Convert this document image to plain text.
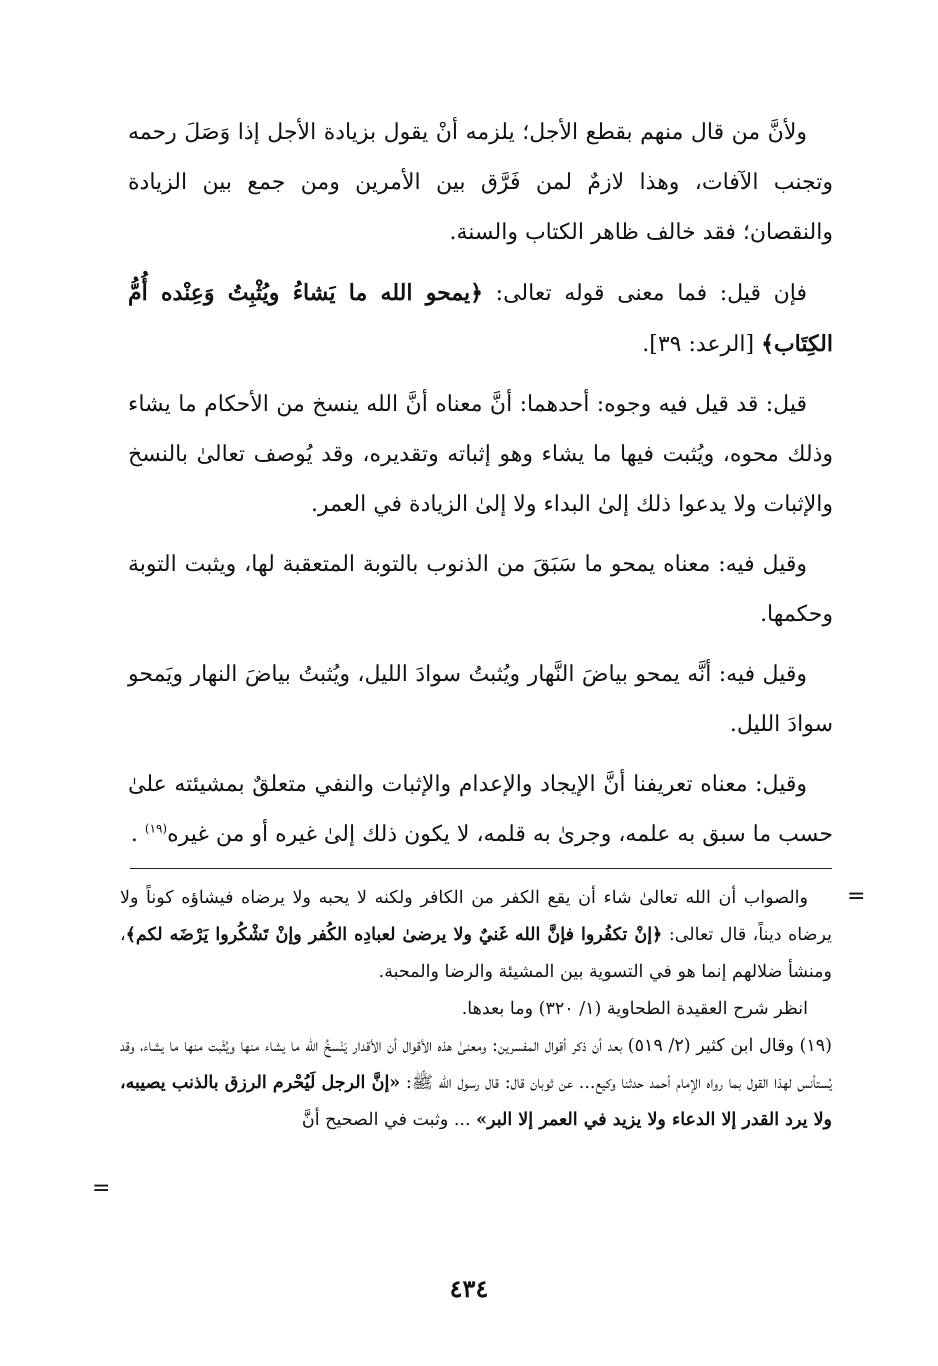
ولأنَّ من قال منهم بقطع الأجل؛ يلزمه أنْ يقول بزيادة الأجل إذا وَصَلَ رحمه وتجنب الآفات، وهذا لازمٌ لمن فَرَّق بين الأمرين ومن جمع بين الزيادة والنقصان؛ فقد خالف ظاهر الكتاب والسنة.

فإن قيل: فما معنى قوله تعالى: ﴿يمحو الله ما يَشاءُ ويُثْبِتُ وَعِنْده أُمُّ الكِتَاب﴾ [الرعد: ٣٩].

قيل: قد قيل فيه وجوه: أحدهما: أنَّ معناه أنَّ الله ينسخ من الأحكام ما يشاء وذلك محوه، ويُثبت فيها ما يشاء وهو إثباته وتقديره، وقد يُوصف تعالىٰ بالنسخ والإثبات ولا يدعوا ذلك إلىٰ البداء ولا إلىٰ الزيادة في العمر.

وقيل فيه: معناه يمحو ما سَبَقَ من الذنوب بالتوبة المتعقبة لها، ويثبت التوبة وحكمها.

وقيل فيه: أنَّه يمحو بياضَ النَّهار ويُثبتُ سوادَ الليل، ويُثبتُ بياضَ النهار ويَمحو سوادَ الليل.

وقيل: معناه تعريفنا أنَّ الإيجاد والإعدام والإثبات والنفي متعلقٌ بمشيئته علىٰ حسب ما سبق به علمه، وجرىٰ به قلمه، لا يكون ذلك إلىٰ غيره أو من غيره$^{(١٩)}$ .

=

والصواب أن الله تعالىٰ شاء أن يقع الكفر من الكافر ولكنه لا يحبه ولا يرضاه فيشاؤه كوناً ولا يرضاه ديناً، قال تعالى: ﴿إنْ تكفُروا فإنَّ الله غَنيٌ ولا يرضىٰ لعبادِه الكُفر وإنْ تَشْكُروا يَرْضَه لكم﴾، ومنشأ ضلالهم إنما هو في التسوية بين المشيئة والرضا والمحبة.

انظر شرح العقيدة الطحاوية (١/ ٣٢٠) وما بعدها.

(١٩) وقال ابن كثير (٢/ ٥١٩) بعد أن ذكر أقوال المفسرين: ومعنىٰ هذه الأقوال أن الأقدار يَنْسخُ الله ما يشاء منها ويُثْبت منها ما يشاء، وقد يُستأنس لهذا القول بما رواه الإمام أحمد حدثنا وكيع... عن ثوبان قال: قال رسول الله ﷺ: «إنَّ الرجل لَيُحْرم الرزق بالذنب يصيبه، ولا يرد القدر إلا الدعاء ولا يزيد في العمر إلا البر» ... وثبت في الصحيح أنَّ

=
٤٣٤
